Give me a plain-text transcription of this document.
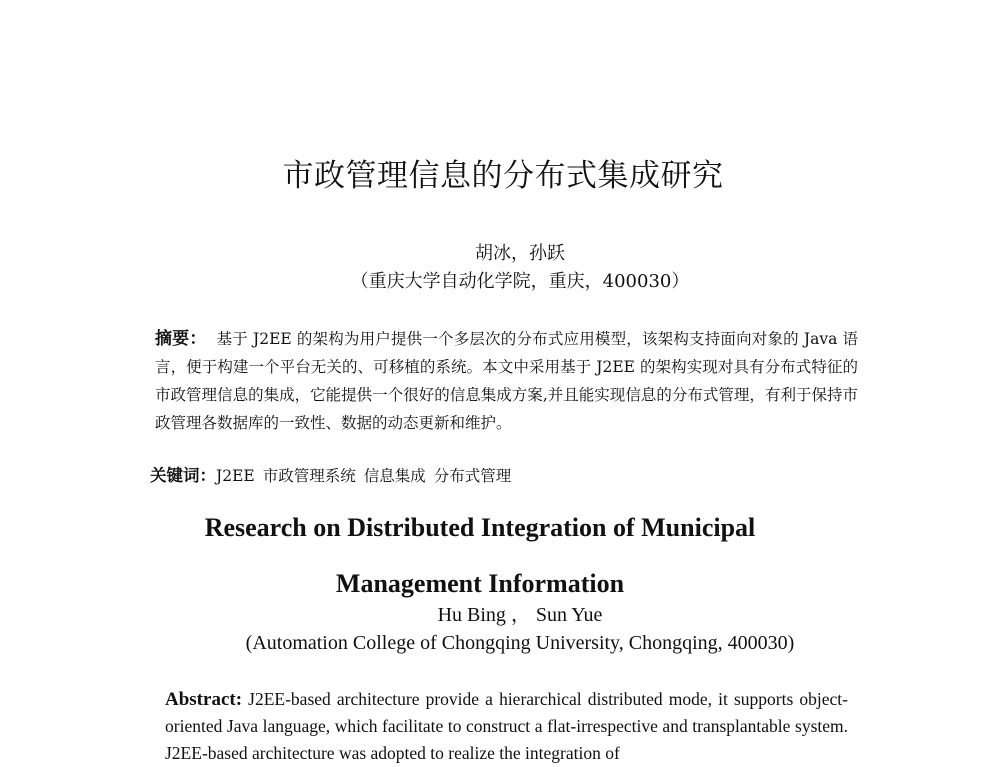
市政管理信息的分布式集成研究
胡冰，孙跃
（重庆大学自动化学院，重庆，400030）
摘要： 基于 J2EE 的架构为用户提供一个多层次的分布式应用模型，该架构支持面向对象的 Java 语言，便于构建一个平台无关的、可移植的系统。本文中采用基于 J2EE 的架构实现对具有分布式特征的市政管理信息的集成，它能提供一个很好的信息集成方案,并且能实现信息的分布式管理，有利于保持市政管理各数据库的一致性、数据的动态更新和维护。
关键词：J2EE 市政管理系统 信息集成 分布式管理
Research on Distributed Integration of Municipal
Management Information
Hu Bing ， Sun Yue
(Automation College of Chongqing University, Chongqing, 400030)
Abstract: J2EE-based architecture provide a hierarchical distributed mode, it supports object-oriented Java language, which facilitate to construct a flat-irrespective and transplantable system. J2EE-based architecture was adopted to realize the integration of
